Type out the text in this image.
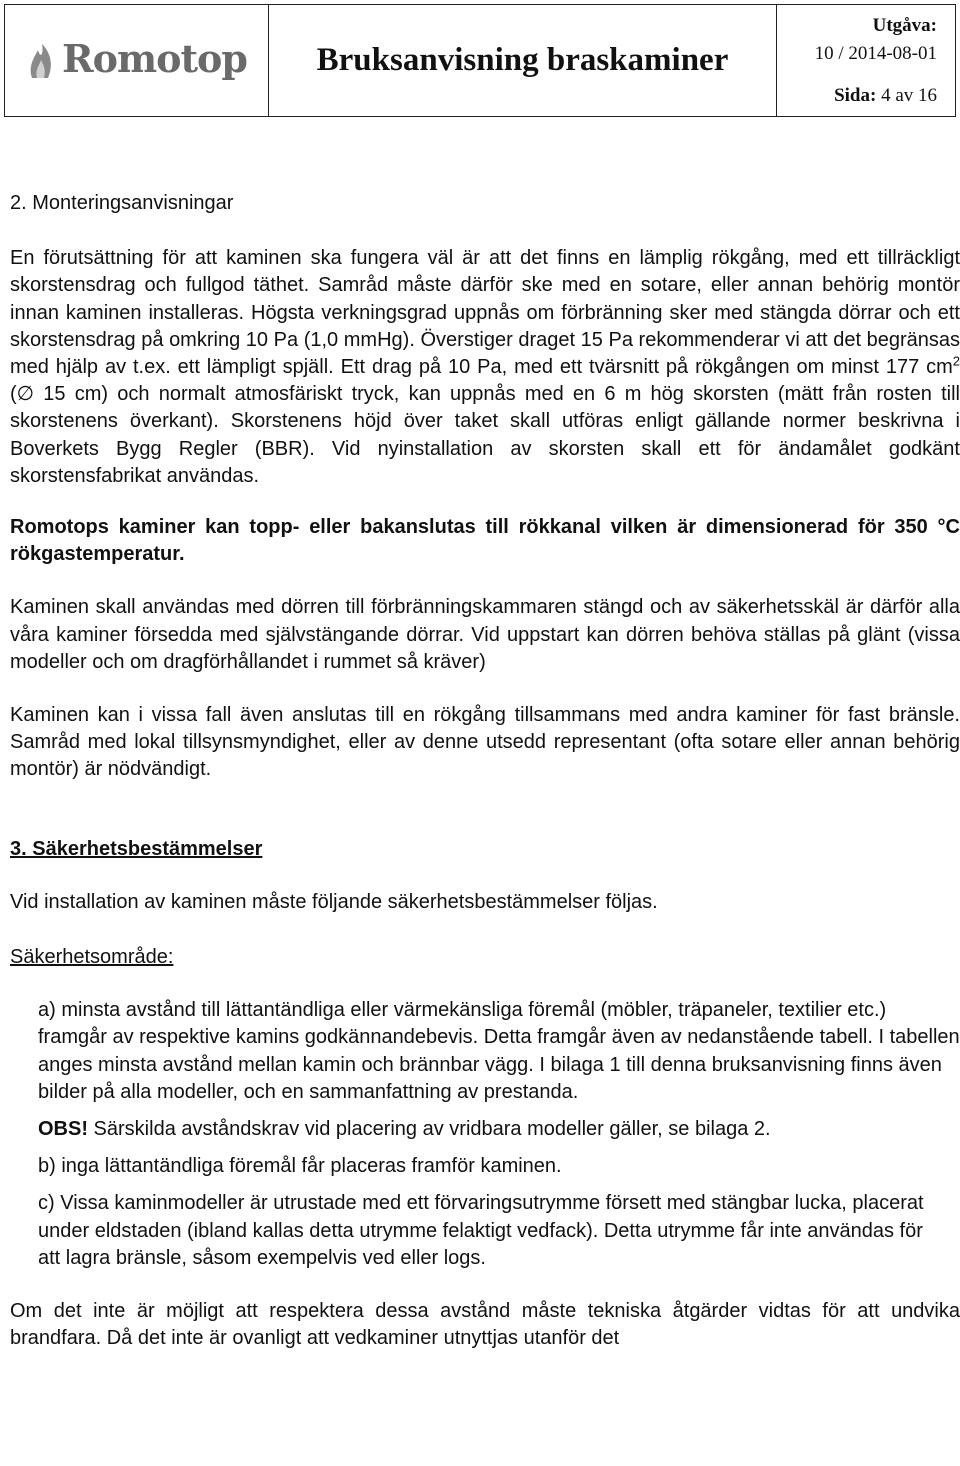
Romotop	Bruksanvisning braskaminer	
Utgåva:
10 / 2014-08-01
Sida: 4 av 16

2. Monteringsanvisningar

En förutsättning för att kaminen ska fungera väl är att det finns en lämplig rökgång, med ett tillräckligt skorstensdrag och fullgod täthet. Samråd måste därför ske med en sotare, eller annan behörig montör innan kaminen installeras. Högsta verkningsgrad uppnås om förbränning sker med stängda dörrar och ett skorstensdrag på omkring 10 Pa (1,0 mmHg). Överstiger draget 15 Pa rekommenderar vi att det begränsas med hjälp av t.ex. ett lämpligt spjäll. Ett drag på 10 Pa, med ett tvärsnitt på rökgången om minst 177 $cm^2$ (∅ 15 cm) och normalt atmosfäriskt tryck, kan uppnås med en 6 m hög skorsten (mätt från rosten till skorstenens överkant). Skorstenens höjd över taket skall utföras enligt gällande normer beskrivna i Boverkets Bygg Regler (BBR). Vid nyinstallation av skorsten skall ett för ändamålet godkänt skorstensfabrikat användas.

Romotops kaminer kan topp- eller bakanslutas till rökkanal vilken är dimensionerad för 350 °C rökgastemperatur.

Kaminen skall användas med dörren till förbränningskammaren stängd och av säkerhetsskäl är därför alla våra kaminer försedda med självstängande dörrar. Vid uppstart kan dörren behöva ställas på glänt (vissa modeller och om dragförhållandet i rummet så kräver)

Kaminen kan i vissa fall även anslutas till en rökgång tillsammans med andra kaminer för fast bränsle. Samråd med lokal tillsynsmyndighet, eller av denne utsedd representant (ofta sotare eller annan behörig montör) är nödvändigt.

3. Säkerhetsbestämmelser

Vid installation av kaminen måste följande säkerhetsbestämmelser följas.

Säkerhetsområde:

a) minsta avstånd till lättantändliga eller värmekänsliga föremål (möbler, träpaneler, textilier etc.) framgår av respektive kamins godkännandebevis. Detta framgår även av nedanstående tabell. I tabellen anges minsta avstånd mellan kamin och brännbar vägg. I bilaga 1 till denna bruksanvisning finns även bilder på alla modeller, och en sammanfattning av prestanda.

OBS! Särskilda avståndskrav vid placering av vridbara modeller gäller, se bilaga 2.

b) inga lättantändliga föremål får placeras framför kaminen.

c) Vissa kaminmodeller är utrustade med ett förvaringsutrymme försett med stängbar lucka, placerat under eldstaden (ibland kallas detta utrymme felaktigt vedfack). Detta utrymme får inte användas för att lagra bränsle, såsom exempelvis ved eller logs.

Om det inte är möjligt att respektera dessa avstånd måste tekniska åtgärder vidtas för att undvika brandfara. Då det inte är ovanligt att vedkaminer utnyttjas utanför det
